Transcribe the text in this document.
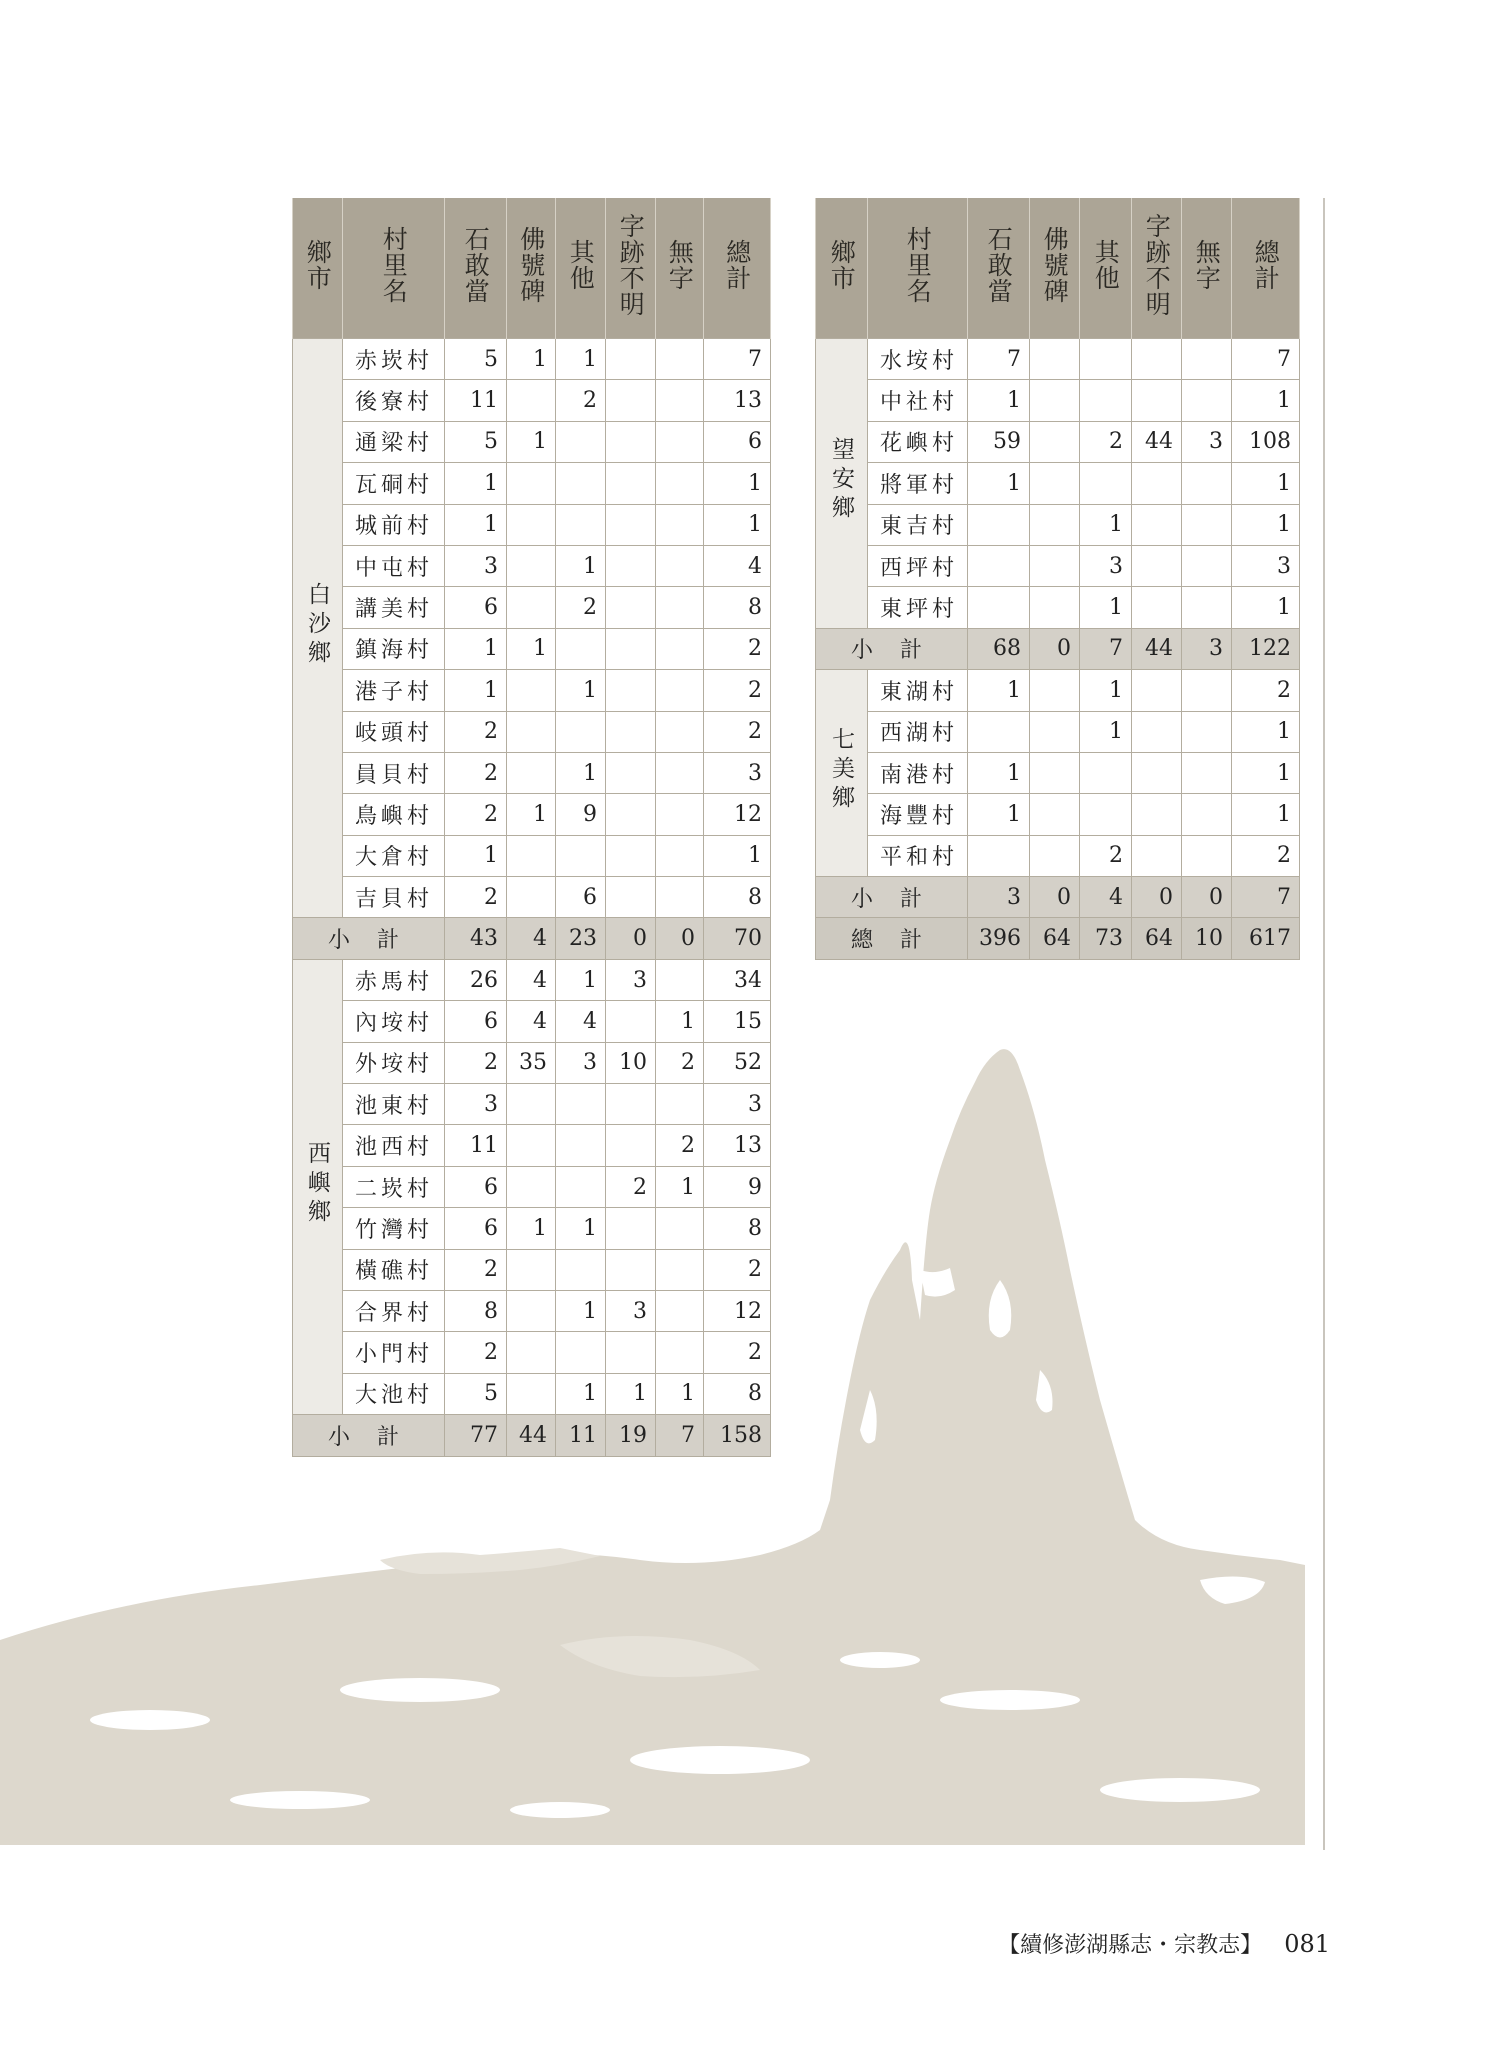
鄉市	村里名	石敢當	佛號碑	其他	字跡不明	無字	總計
白沙鄉	赤崁村	5	1	1			7
	後寮村	11		2			13
	通梁村	5	1				6
	瓦硐村	1					1
	城前村	1					1
	中屯村	3		1			4
	講美村	6		2			8
	鎮海村	1	1				2
	港子村	1		1			2
	岐頭村	2					2
	員貝村	2		1			3
	鳥嶼村	2	1	9			12
	大倉村	1					1
	吉貝村	2		6			8
小 計		43	4	23	0	0	70
西嶼鄉	赤馬村	26	4	1	3		34
	內垵村	6	4	4		1	15
	外垵村	2	35	3	10	2	52
	池東村	3					3
	池西村	11				2	13
	二崁村	6			2	1	9
	竹灣村	6	1	1			8
	橫礁村	2					2
	合界村	8		1	3		12
	小門村	2					2
	大池村	5		1	1	1	8
小 計		77	44	11	19	7	158
鄉市	村里名	石敢當	佛號碑	其他	字跡不明	無字	總計
望安鄉	水垵村	7					7
	中社村	1					1
	花嶼村	59		2	44	3	108
	將軍村	1					1
	東吉村			1			1
	西坪村			3			3
	東坪村			1			1
小 計		68	0	7	44	3	122
七美鄉	東湖村	1		1			2
	西湖村			1			1
	南港村	1					1
	海豐村	1					1
	平和村			2			2
小 計		3	0	4	0	0	7
總 計		396	64	73	64	10	617
【續修澎湖縣志・宗教志】 081
